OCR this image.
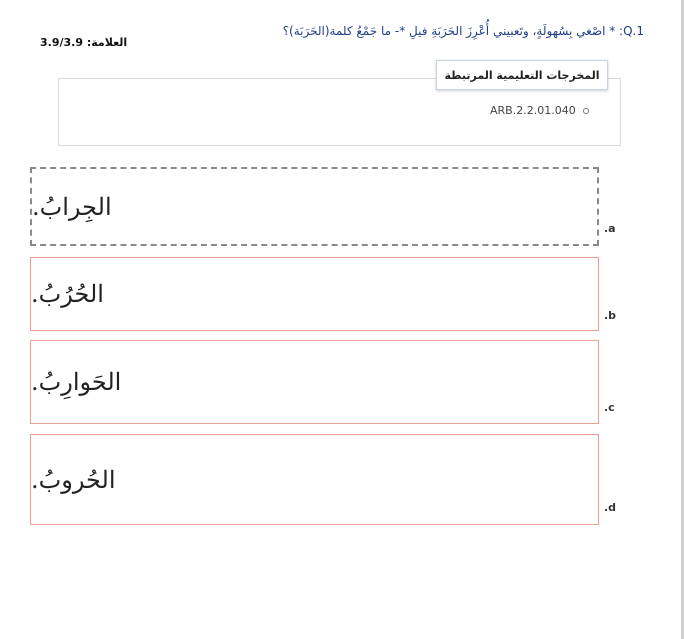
Q.1: * اصْغي بِسُهولَةٍ، وتَعبيني أُعْرِزَ الحَرَبَةِ فيلِ *- ما جَمْعُ كلمة(الحَرَبَة)؟
العلامة: 3.9/3.9
المخرجات التعليمية المرتبطة
ARB.2.2.01.040
الجِرابُ.
.a
الحُرُبُ.
.b
الحَوارِبُ.
.c
الحُروبُ.
.d
